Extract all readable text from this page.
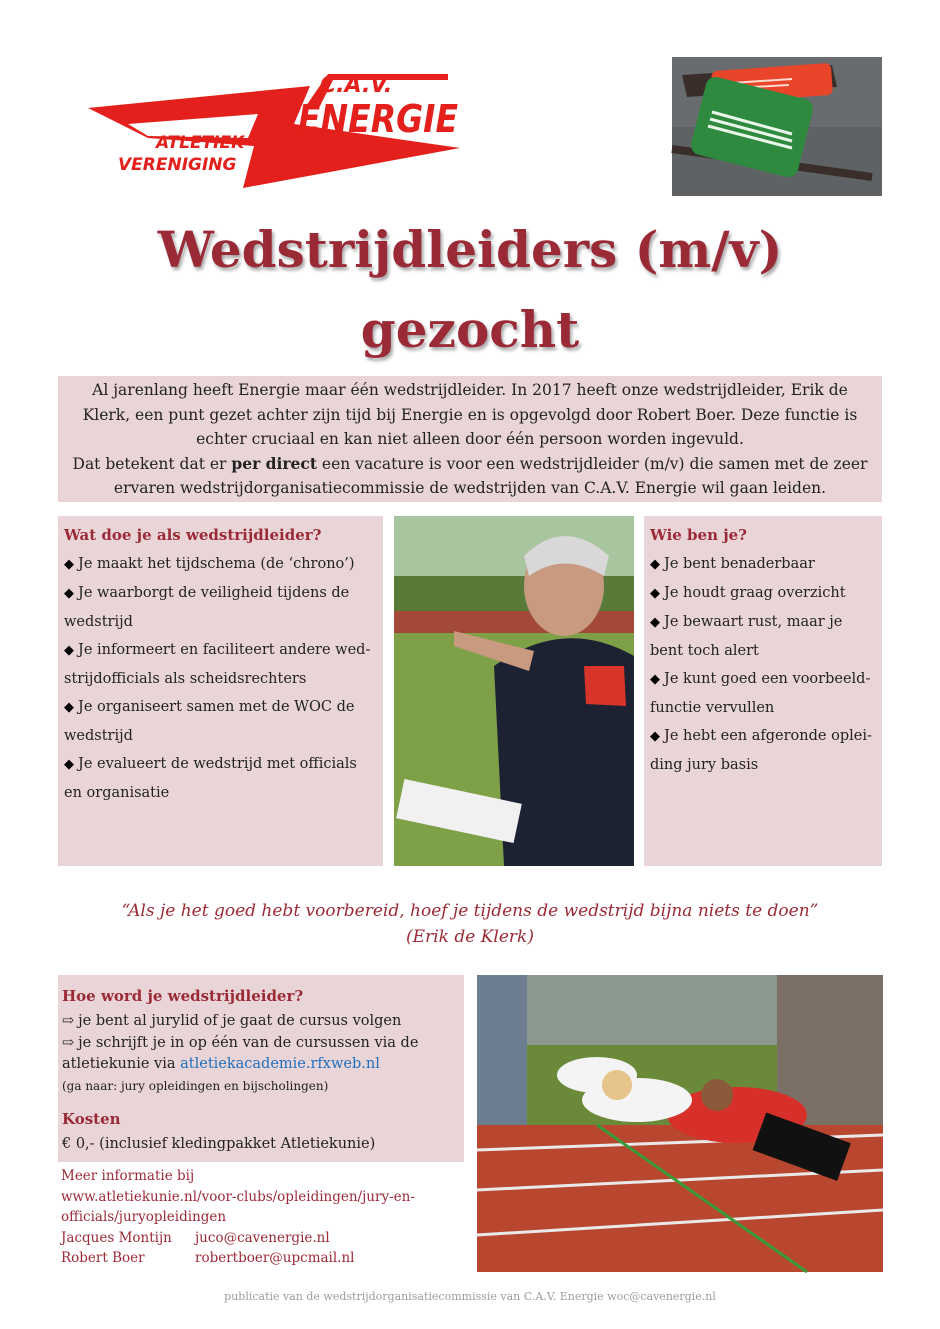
C.A.V.
ENERGIE
ATLETIEK
VERENIGING
Wedstrijdleiders (m/v)
gezocht
Al jarenlang heeft Energie maar één wedstrijdleider. In 2017 heeft onze wedstrijdleider, Erik de Klerk, een punt gezet achter zijn tijd bij Energie en is opgevolgd door Robert Boer. Deze functie is echter cruciaal en kan niet alleen door één persoon worden ingevuld.
Dat betekent dat er per direct een vacature is voor een wedstrijdleider (m/v) die samen met de zeer ervaren wedstrijdorganisatiecommissie de wedstrijden van C.A.V. Energie wil gaan leiden.
Wat doe je als wedstrijdleider?
◆ Je maakt het tijdschema (de ‘chrono’)
◆ Je waarborgt de veiligheid tijdens de wedstrijd
◆ Je informeert en faciliteert andere wed-strijdofficials als scheidsrechters
◆ Je organiseert samen met de WOC de wedstrijd
◆ Je evalueert de wedstrijd met officials en organisatie
Wie ben je?
◆ Je bent benaderbaar
◆ Je houdt graag overzicht
◆ Je bewaart rust, maar je bent toch alert
◆ Je kunt goed een voorbeeld-functie vervullen
◆ Je hebt een afgeronde oplei-ding jury basis
“Als je het goed hebt voorbereid, hoef je tijdens de wedstrijd bijna niets te doen”
(Erik de Klerk)
Hoe word je wedstrijdleider?
⇨ je bent al jurylid of je gaat de cursus volgen
⇨ je schrijft je in op één van de cursussen via de atletiekunie via atletiekacademie.rfxweb.nl
(ga naar: jury opleidingen en bijscholingen)
Kosten
€ 0,- (inclusief kledingpakket Atletiekunie)
Meer informatie bij
www.atletiekunie.nl/voor-clubs/opleidingen/jury-en-officials/juryopleidingen
Jacques Montijn	juco@cavenergie.nl
Robert Boer	robertboer@upcmail.nl
publicatie van de wedstrijdorganisatiecommissie van C.A.V. Energie woc@cavenergie.nl
